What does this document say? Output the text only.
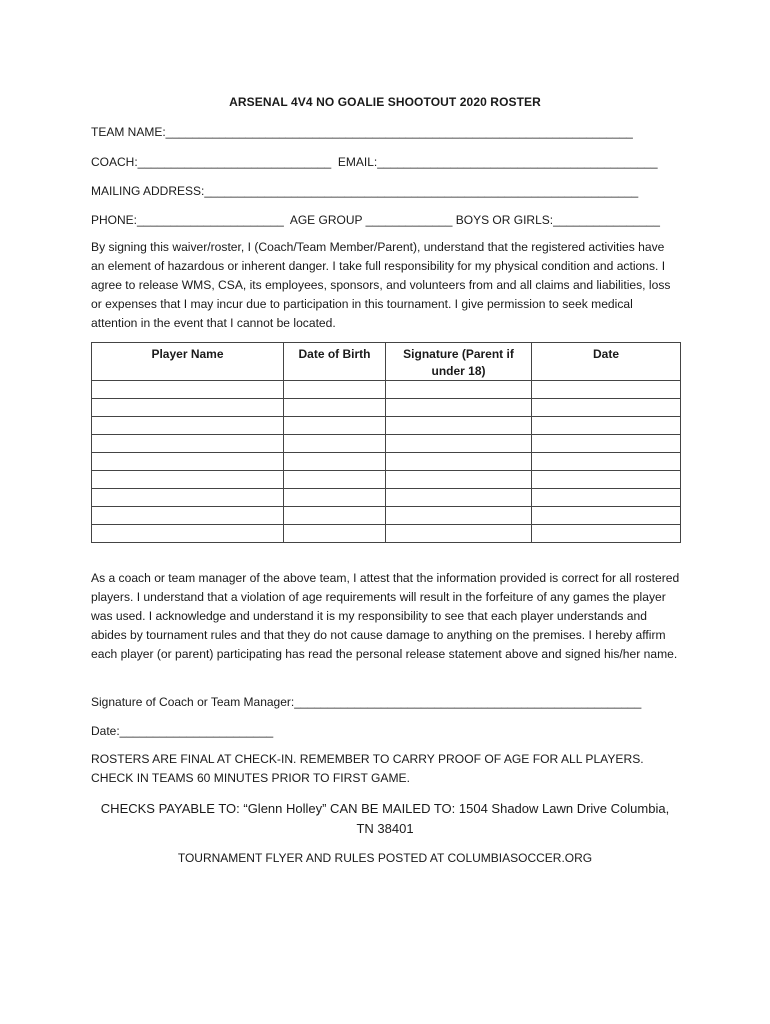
ARSENAL 4V4 NO GOALIE SHOOTOUT 2020 ROSTER
TEAM NAME:______________________________________________________________________
COACH:_____________________________  EMAIL:__________________________________________
MAILING ADDRESS:_________________________________________________________________
PHONE:______________________  AGE GROUP _____________ BOYS OR GIRLS:________________
By signing this waiver/roster, I (Coach/Team Member/Parent), understand that the registered activities have an element of hazardous or inherent danger. I take full responsibility for my physical condition and actions. I agree to release WMS, CSA, its employees, sponsors, and volunteers from and all claims and liabilities, loss or expenses that I may incur due to participation in this tournament. I give permission to seek medical attention in the event that I cannot be located.
Player Name	Date of Birth	Signature (Parent if under 18)	Date

As a coach or team manager of the above team, I attest that the information provided is correct for all rostered players. I understand that a violation of age requirements will result in the forfeiture of any games the player was used. I acknowledge and understand it is my responsibility to see that each player understands and abides by tournament rules and that they do not cause damage to anything on the premises. I hereby affirm each player (or parent) participating has read the personal release statement above and signed his/her name.
Signature of Coach or Team Manager:____________________________________________________
Date:_______________________
ROSTERS ARE FINAL AT CHECK-IN. REMEMBER TO CARRY PROOF OF AGE FOR ALL PLAYERS. CHECK IN TEAMS 60 MINUTES PRIOR TO FIRST GAME.
CHECKS PAYABLE TO: “Glenn Holley” CAN BE MAILED TO: 1504 Shadow Lawn Drive Columbia,
TN 38401
TOURNAMENT FLYER AND RULES POSTED AT COLUMBIASOCCER.ORG
